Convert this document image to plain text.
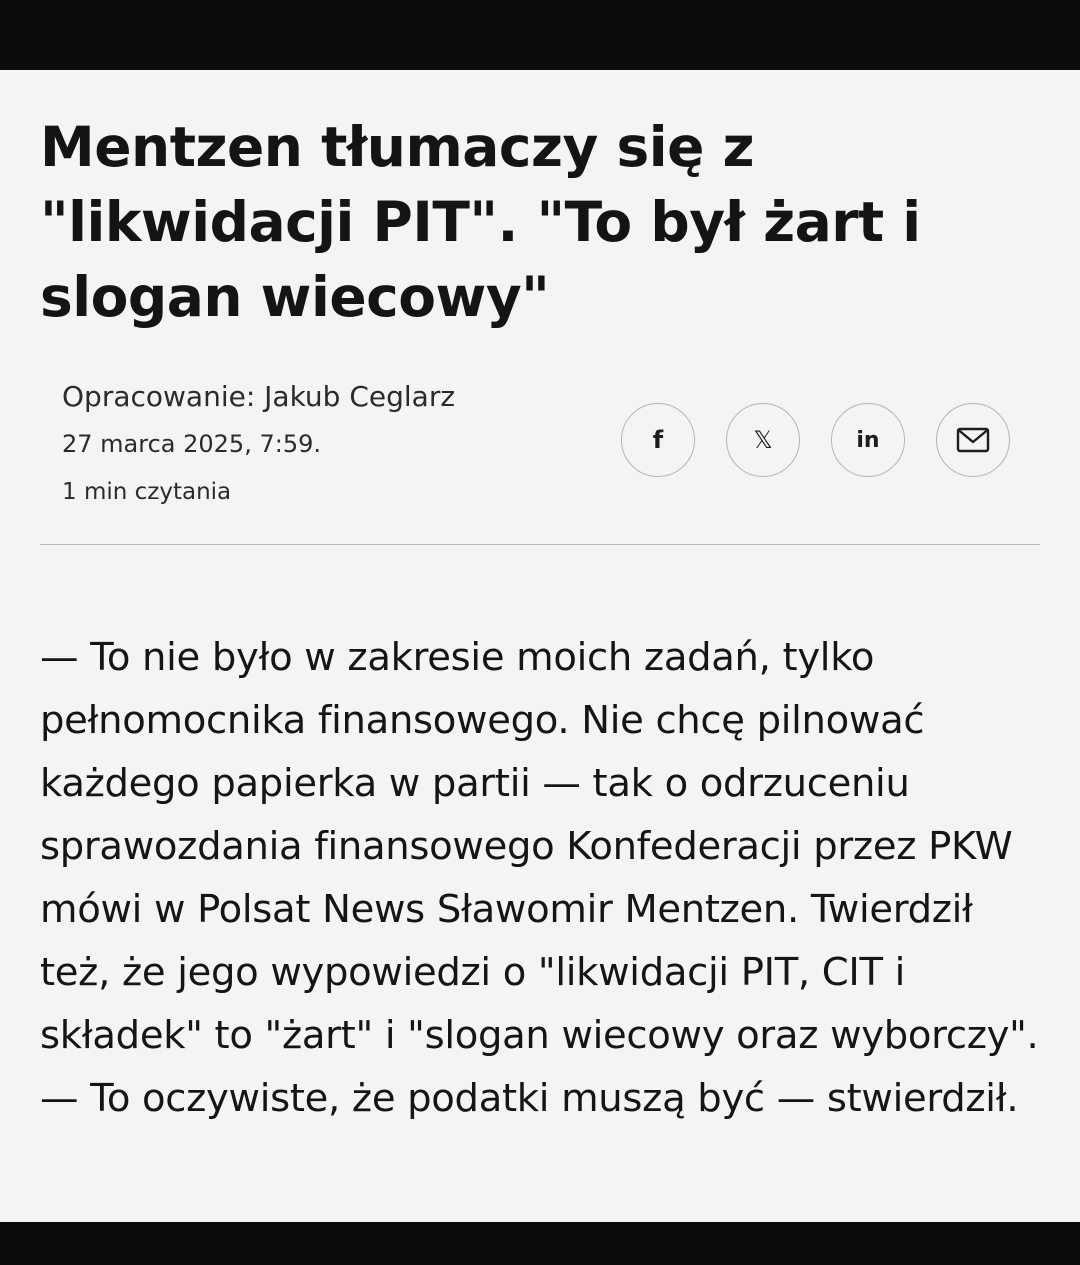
Mentzen tłumaczy się z "likwidacji PIT". "To był żart i slogan wiecowy"
Opracowanie: Jakub Ceglarz
27 marca 2025, 7:59.
1 min czytania
f	𝕏	in

— To nie było w zakresie moich zadań, tylko pełnomocnika finansowego. Nie chcę pilnować każdego papierka w partii — tak o odrzuceniu sprawozdania finansowego Konfederacji przez PKW mówi w Polsat News Sławomir Mentzen. Twierdził też, że jego wypowiedzi o "likwidacji PIT, CIT i składek" to "żart" i "slogan wiecowy oraz wyborczy". — To oczywiste, że podatki muszą być — stwierdził.
